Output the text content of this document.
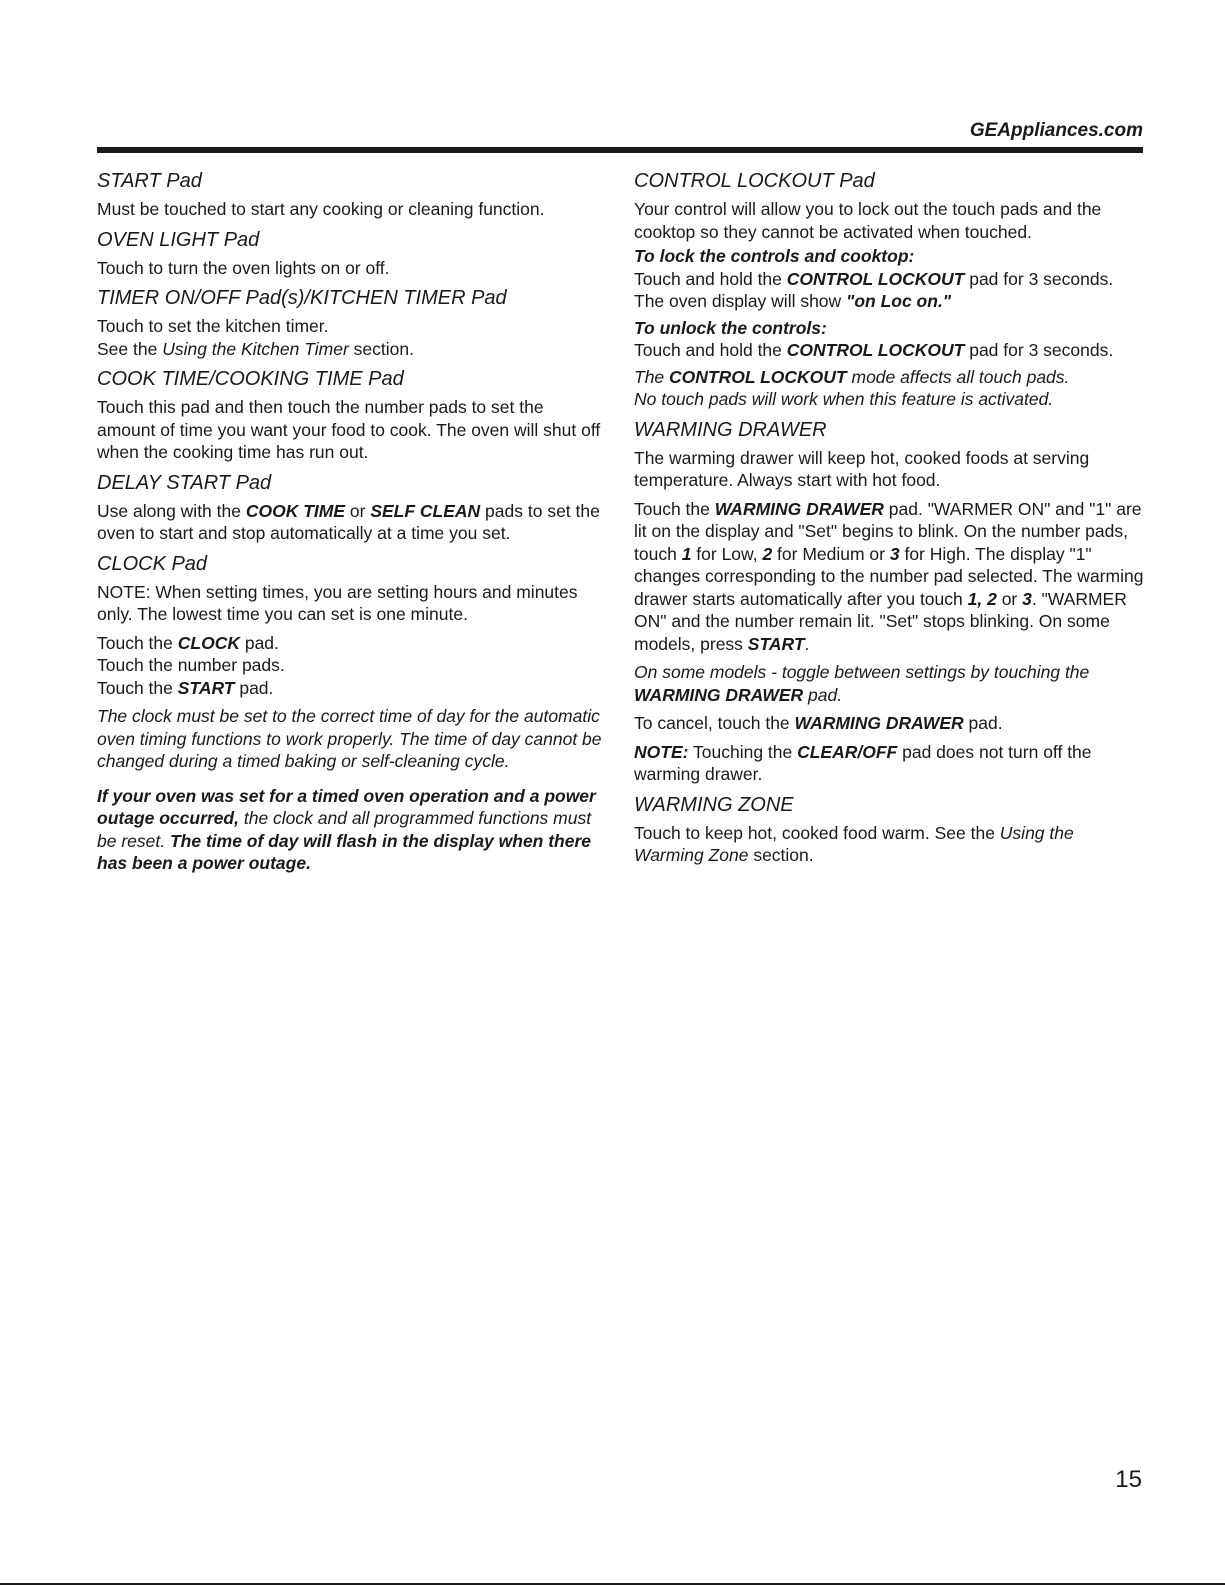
GEAppliances.com
START Pad

Must be touched to start any cooking or cleaning function.

OVEN LIGHT Pad

Touch to turn the oven lights on or off.

TIMER ON/OFF Pad(s)/KITCHEN TIMER Pad

Touch to set the kitchen timer.
See the Using the Kitchen Timer section.

COOK TIME/COOKING TIME Pad

Touch this pad and then touch the number pads to set the amount of time you want your food to cook. The oven will shut off when the cooking time has run out.

DELAY START Pad

Use along with the COOK TIME or SELF CLEAN pads to set the oven to start and stop automatically at a time you set.

CLOCK Pad

NOTE: When setting times, you are setting hours and minutes only. The lowest time you can set is one minute.

Touch the CLOCK pad.
Touch the number pads.
Touch the START pad.

The clock must be set to the correct time of day for the automatic oven timing functions to work properly. The time of day cannot be changed during a timed baking or self-cleaning cycle.

If your oven was set for a timed oven operation and a power outage occurred, the clock and all programmed functions must be reset. The time of day will flash in the display when there has been a power outage.

CONTROL LOCKOUT Pad

Your control will allow you to lock out the touch pads and the cooktop so they cannot be activated when touched.

To lock the controls and cooktop:
Touch and hold the CONTROL LOCKOUT pad for 3 seconds.
The oven display will show "on Loc on."

To unlock the controls:
Touch and hold the CONTROL LOCKOUT pad for 3 seconds.

The CONTROL LOCKOUT mode affects all touch pads.
No touch pads will work when this feature is activated.

WARMING DRAWER

The warming drawer will keep hot, cooked foods at serving temperature. Always start with hot food.

Touch the WARMING DRAWER pad. "WARMER ON" and "1" are lit on the display and "Set" begins to blink. On the number pads, touch 1 for Low, 2 for Medium or 3 for High. The display "1" changes corresponding to the number pad selected. The warming drawer starts automatically after you touch 1, 2 or 3. "WARMER ON" and the number remain lit. "Set" stops blinking. On some models, press START.

On some models - toggle between settings by touching the WARMING DRAWER pad.

To cancel, touch the WARMING DRAWER pad.

NOTE: Touching the CLEAR/OFF pad does not turn off the warming drawer.

WARMING ZONE

Touch to keep hot, cooked food warm. See the Using the Warming Zone section.

15
